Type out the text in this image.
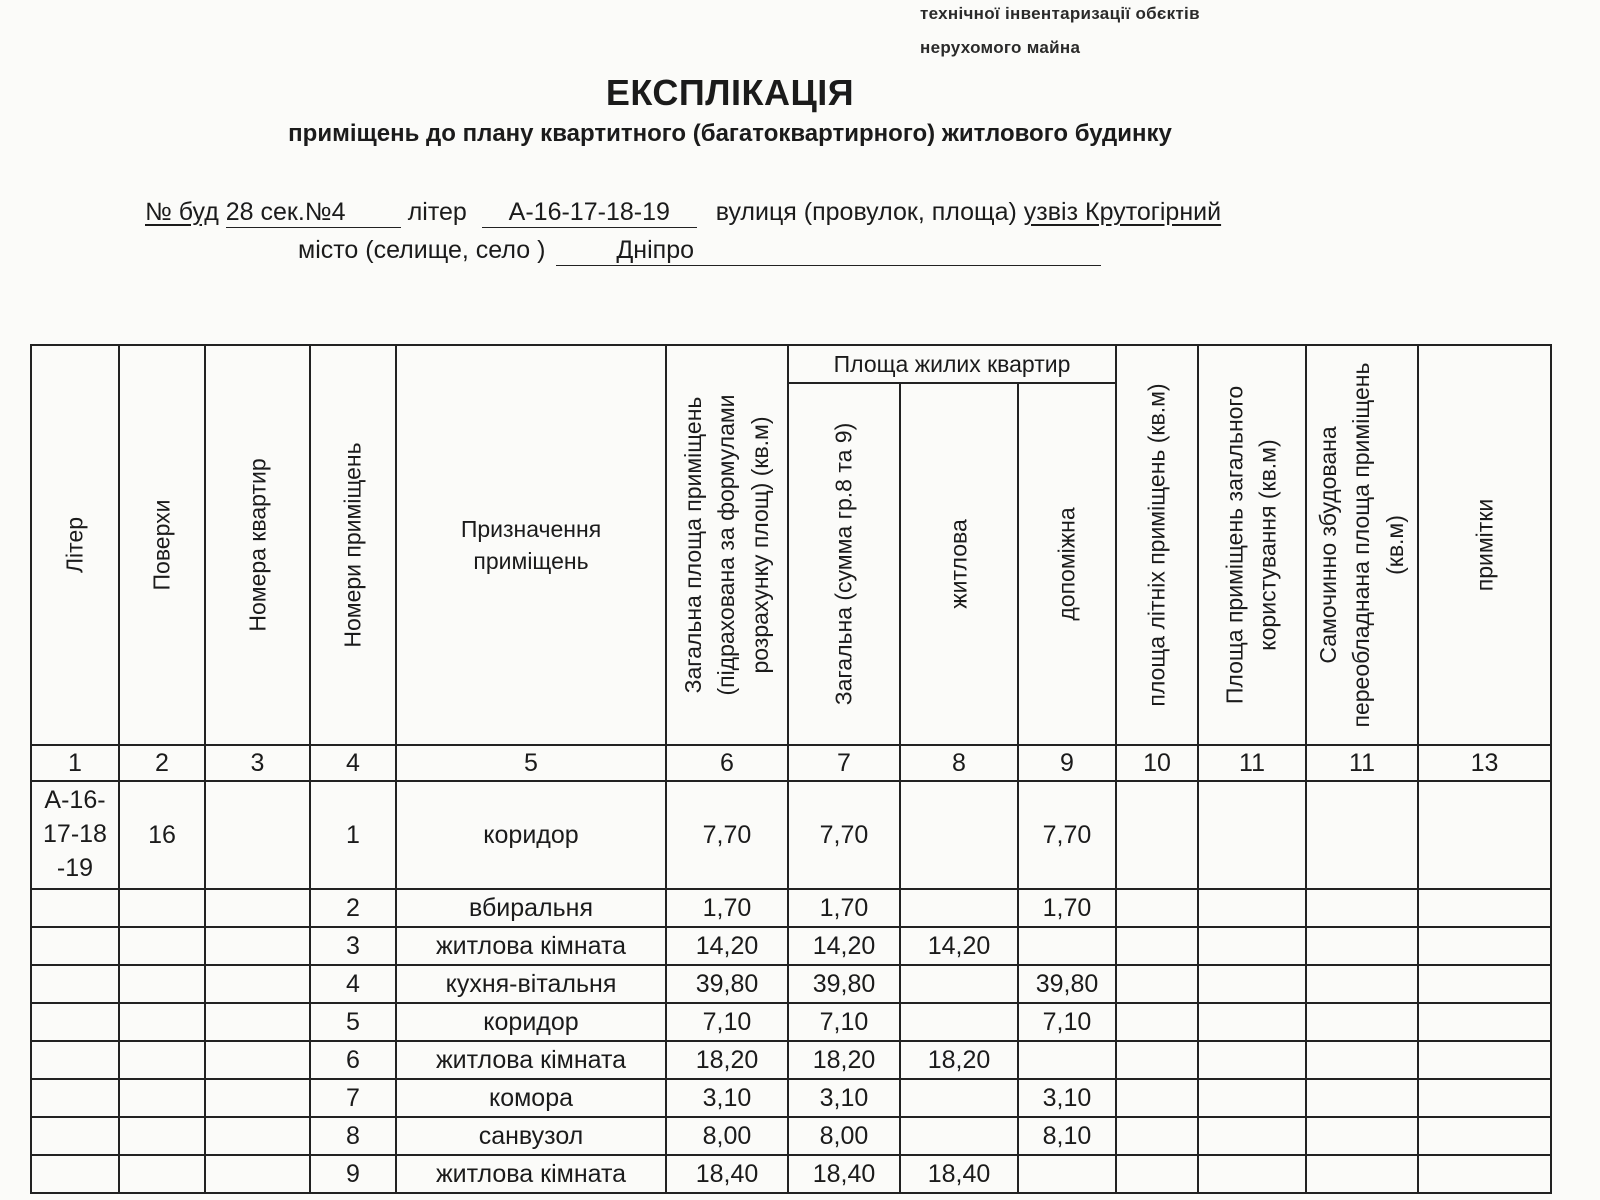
технічної інвентаризації обєктів
нерухомого майна
ЕКСПЛІКАЦІЯ
приміщень до плану квартитного (багатоквартирного) житлового будинку
№ буд 28 сек.№4 літер А-16-17-18-19 вулиця (провулок, площа) узвіз Крутогірний
місто (селище, село )	Дніпро
Літер	Поверхи	Номера квартир	Номери приміщень	Призначення приміщень	Загальна площа приміщень (підрахована за формулами розрахунку площ) (кв.м)	Площа жилих квартир			площа літніх приміщень (кв.м)	Площа приміщень загального користування (кв.м)	Самочинно збудована переобладнана площа приміщень (кв.м)	примітки

						Загальна (сумма гр.8 та 9)	житлова	допоміжна				

1	2	3	4	5	6	7	8	9	10	11	11	13

А-16-17-18-19	16		1	коридор	7,70	7,70		7,70				
			2	вбиральня	1,70	1,70		1,70				
			3	житлова кімната	14,20	14,20	14,20					
			4	кухня-вітальня	39,80	39,80		39,80				
			5	коридор	7,10	7,10		7,10				
			6	житлова кімната	18,20	18,20	18,20					
			7	комора	3,10	3,10		3,10				
			8	санвузол	8,00	8,00		8,10				
			9	житлова кімната	18,40	18,40	18,40					
